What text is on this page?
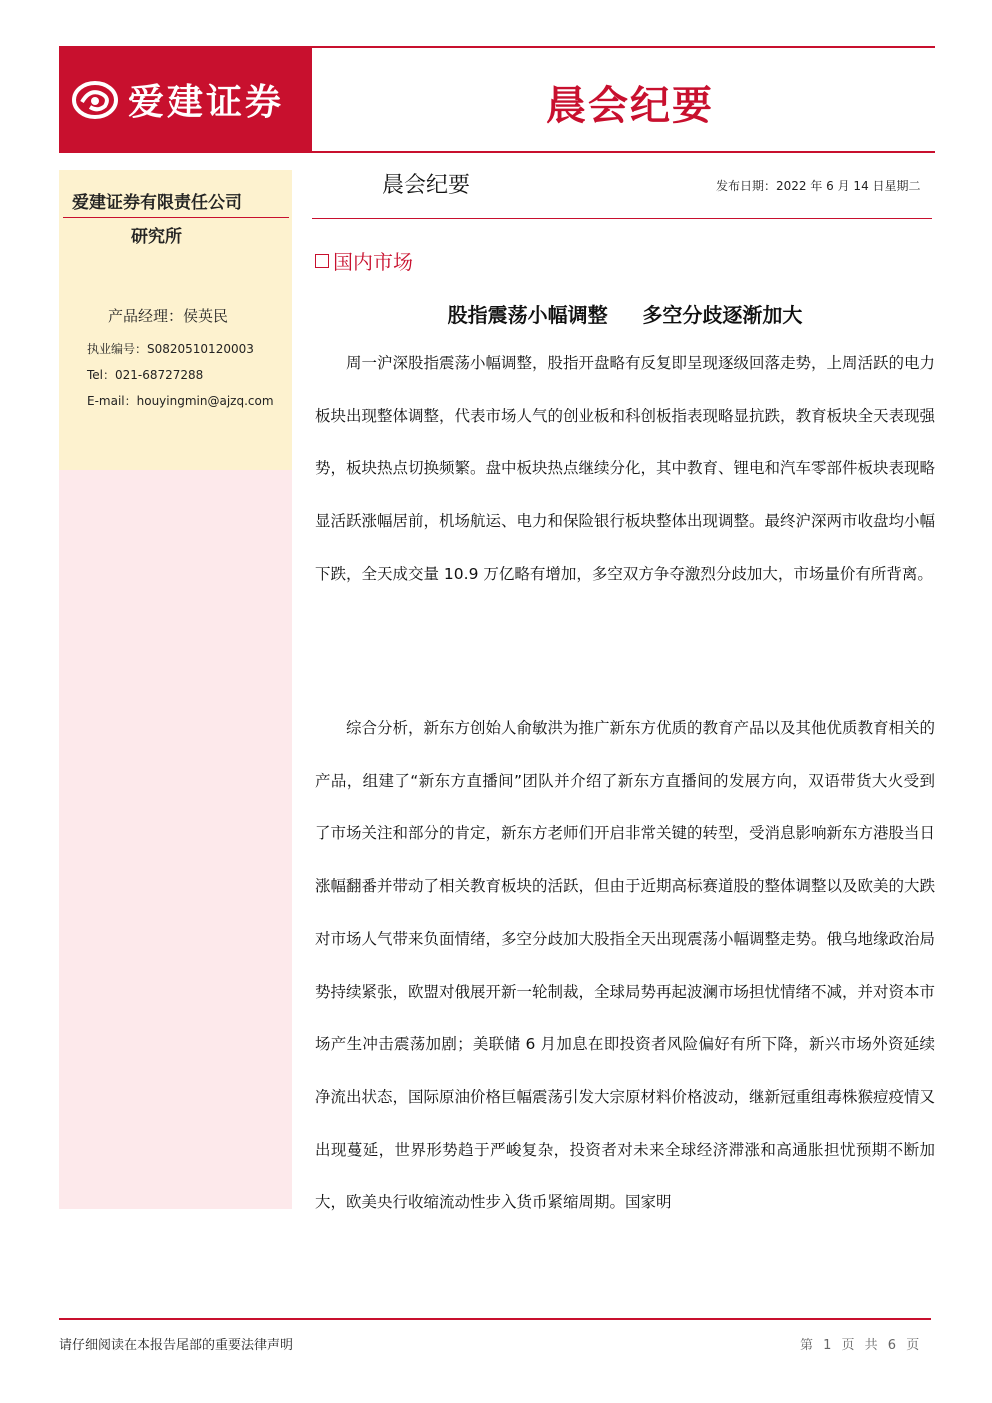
爱建证券	晨会纪要
爱建证券有限责任公司
研究所
产品经理：侯英民
执业编号：S0820510120003
Tel：021-68727288
E-mail：houyingmin@ajzq.com
晨会纪要	发布日期：2022 年 6 月 14 日星期二
国内市场
股指震荡小幅调整     多空分歧逐渐加大

周一沪深股指震荡小幅调整，股指开盘略有反复即呈现逐级回落走势，上周活跃的电力板块出现整体调整，代表市场人气的创业板和科创板指表现略显抗跌，教育板块全天表现强势，板块热点切换频繁。盘中板块热点继续分化，其中教育、锂电和汽车零部件板块表现略显活跃涨幅居前，机场航运、电力和保险银行板块整体出现调整。最终沪深两市收盘均小幅下跌，全天成交量 10.9 万亿略有增加，多空双方争夺激烈分歧加大，市场量价有所背离。

综合分析，新东方创始人俞敏洪为推广新东方优质的教育产品以及其他优质教育相关的产品，组建了“新东方直播间”团队并介绍了新东方直播间的发展方向，双语带货大火受到了市场关注和部分的肯定，新东方老师们开启非常关键的转型，受消息影响新东方港股当日涨幅翻番并带动了相关教育板块的活跃，但由于近期高标赛道股的整体调整以及欧美的大跌对市场人气带来负面情绪，多空分歧加大股指全天出现震荡小幅调整走势。俄乌地缘政治局势持续紧张，欧盟对俄展开新一轮制裁，全球局势再起波澜市场担忧情绪不减，并对资本市场产生冲击震荡加剧；美联储 6 月加息在即投资者风险偏好有所下降，新兴市场外资延续净流出状态，国际原油价格巨幅震荡引发大宗原材料价格波动，继新冠重组毒株猴痘疫情又出现蔓延，世界形势趋于严峻复杂，投资者对未来全球经济滞涨和高通胀担忧预期不断加大，欧美央行收缩流动性步入货币紧缩周期。国家明

请仔细阅读在本报告尾部的重要法律声明	第 1 页 共 6 页
